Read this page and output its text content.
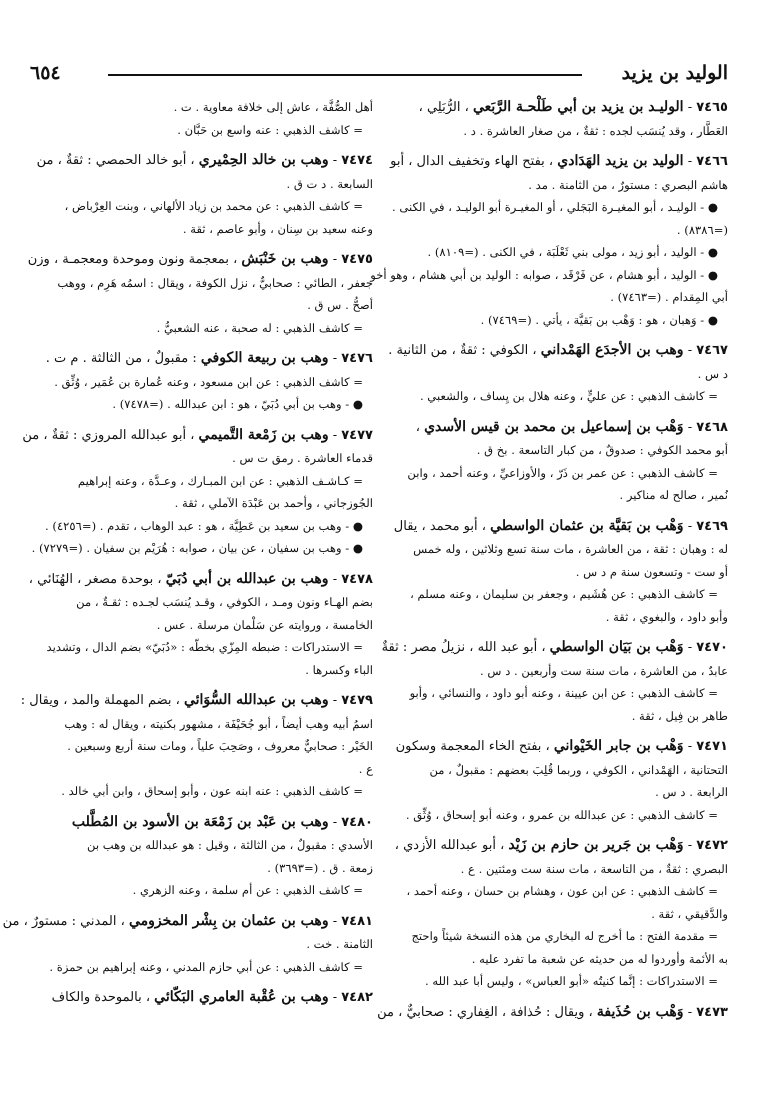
الوليد بن يزيد
٦٥٤
٧٤٦٥ - الوليـد بن يزيد بن أبي طَلْحـة الرَّبَعي ، الرُّبَلِي ،
العَطَّار ، وقد يُنسَب لجده : ثقةٌ ، من صغار العاشرة . د .
٧٤٦٦ - الوليد بن يزيد الهَدَادي ، بفتح الهاء وتخفيف الدال ، أبو
هاشم البصري : مستورٌ ، من الثامنة . مد .
● - الوليـد ، أبو المغيـرة البَجَلي ، أو المغيـرة أبو الوليـد ، في الكنى .
(=٨٣٨٦) .
● - الوليد ، أبو زيد ، مولى بني ثَعْلَبَة ، في الكنى . (=٨١٠٩) .
● - الوليد ، أبو هشام ، عن فَرْقَد ، صوابه : الوليد بن أبي هشام ، وهو أخو
أبي المِقدام . (=٧٤٦٣) .
● - وَهبان ، هو : وَهْب بن بَقيَّة ، يأتي . (=٧٤٦٩) .
٧٤٦٧ - وهب بن الأجدَع الهَمْداني ، الكوفي : ثقةٌ ، من الثانية .
د س .
= كاشف الذهبي : عن عليٍّ ، وعنه هلال بن يِساف ، والشعبي .
٧٤٦٨ - وَهْب بن إسماعيل بن محمد بن قيس الأسدي ،
أبو محمد الكوفي : صدوقٌ ، من كبار التاسعة . بخ ق .
= كاشف الذهبي : عن عمر بن ذَرّ ، والأوزاعيِّ ، وعنه أحمد ، وابن
نُمير ، صالح له مناكير .
٧٤٦٩ - وَهْب بن بَقيَّة بن عثمان الواسطي ، أبو محمد ، يقال
له : وهبان : ثقة ، من العاشرة ، مات سنة تسع وثلاثين ، وله خمس
أو ست - وتسعون سنة م د س .
= كاشف الذهبي : عن هُشَيم ، وجعفر بن سليمان ، وعنه مسلم ،
وأبو داود ، والبغوي ، ثقة .
٧٤٧٠ - وَهْب بن بَيَان الواسطي ، أبو عبد الله ، نزيلُ مصر : ثقةٌ
عابدٌ ، من العاشرة ، مات سنة ست وأربعين . د س .
= كاشف الذهبي : عن ابن عيينة ، وعنه أبو داود ، والنسائي ، وأبو
طاهر بن فِيل ، ثقة .
٧٤٧١ - وَهْب بن جابر الخَيْواني ، بفتح الخاء المعجمة وسكون
التحتانية ، الهَمْداني ، الكوفي ، وربما قُلِبَ بعضهم : مقبولٌ ، من
الرابعة . د س .
= كاشف الذهبي : عن عبدالله بن عمرو ، وعنه أبو إسحاق ، وُثِّق .
٧٤٧٢ - وَهْب بن جَرير بن حازم بن زَيْد ، أبو عبدالله الأزدي ،
البصري : ثقةٌ ، من التاسعة ، مات سنة ست ومئتين . ع .
= كاشف الذهبي : عن ابن عون ، وهشام بن حسان ، وعنه أحمد ،
والدَّقيقي ، ثقة .
= مقدمة الفتح : ما أخرج له البخاري من هذه النسخة شيئاً واحتج
به الأئمة وأوردوا له من حديثه عن شعبة ما تفرد عليه .
= الاستدراكات : إنَّما كنيتُه «أبو العباس» ، وليس أبا عبد الله .
٧٤٧٣ - وَهْب بن حُذَيفة ، ويقال : حُذافة ، الغِفاري : صحابيٌّ ، من
أهل الصُّفَّة ، عاش إلى خلافة معاوية . ت .
= كاشف الذهبي : عنه واسع بن حَبَّان .
٧٤٧٤ - وهب بن خالد الحِمْيري ، أبو خالد الحمصي : ثقةٌ ، من
السابعة . د ت ق .
= كاشف الذهبي : عن محمد بن زياد الألهاني ، وبنت العِرْباض ،
وعنه سعيد بن سِنان ، وأبو عاصم ، ثقة .
٧٤٧٥ - وهب بن خَنْبَش ، بمعجمة ونون وموحدة ومعجمـة ، وزن
جعفر ، الطائي : صحابيٌّ ، نزل الكوفة ، ويقال : اسمُه هَرِم ، ووهب
أصحُّ . س ق .
= كاشف الذهبي : له صحبة ، عنه الشعبيُّ .
٧٤٧٦ - وهب بن ربيعة الكوفي : مقبولٌ ، من الثالثة . م ت .
= كاشف الذهبي : عن ابن مسعود ، وعنه عُمارة بن عُمَير ، وُثِّق .
● - وهب بن أبي دُبَيّ ، هو : ابن عبدالله . (=٧٤٧٨) .
٧٤٧٧ - وهب بن زَمْعة التَّميمي ، أبو عبدالله المروزي : ثقةٌ ، من
قدماء العاشرة . رمق ت س .
= كـاشـف الذهبي : عن ابن المبـارك ، وعـدَّة ، وعنه إبراهيم
الجُوزجاني ، وأحمد بن عَبْدَة الآملي ، ثقة .
● - وهب بن سعيد بن عَطِيَّة ، هو : عبد الوهاب ، تقدم . (=٤٢٥٦) .
● - وهب بن سفيان ، عن بيان ، صوابه : هُرَيْم بن سفيان . (=٧٢٧٩) .
٧٤٧٨ - وهب بن عبدالله بن أبي دُبَيّ ، بوحدة مصغر ، الهُنَائي ،
بضم الهـاء ونون ومـد ، الكوفي ، وقـد يُنسَب لجـده : ثقـةٌ ، من
الخامسة ، وروايته عن سَلْمان مرسلة . عس .
= الاستدراكات : ضبطه المِزّي بخطّه : «دُبَيّ» بضم الدال ، وتشديد
الباء وكسرها .
٧٤٧٩ - وهب بن عبدالله السُّوَائي ، بضم المهملة والمد ، ويقال :
اسمُ أبيه وهب أيضاً ، أبو جُحَيْفَة ، مشهور بكنيته ، ويقال له : وهب
الخَيْر : صحابيٌّ معروف ، وصَحِبَ علياً ، ومات سنة أربع وسبعين .
ع .
= كاشف الذهبي : عنه ابنه عون ، وأبو إسحاق ، وابن أبي خالد .
٧٤٨٠ - وهب بن عَبْد بن زَمْعَة بن الأسود بن المُطَّلب
الأسدي : مقبولٌ ، من الثالثة ، وقيل : هو عبدالله بن وهب بن
زمعة . ق . (=٣٦٩٣) .
= كاشف الذهبي : عن أم سلمة ، وعنه الزهري .
٧٤٨١ - وهب بن عثمان بن بِشْر المخزومي ، المدني : مستورٌ ، من
الثامنة . خت .
= كاشف الذهبي : عن أبي حازم المدني ، وعنه إبراهيم بن حمزة .
٧٤٨٢ - وهب بن عُقْبة العامري البَكّائي ، بالموحدة والكاف
